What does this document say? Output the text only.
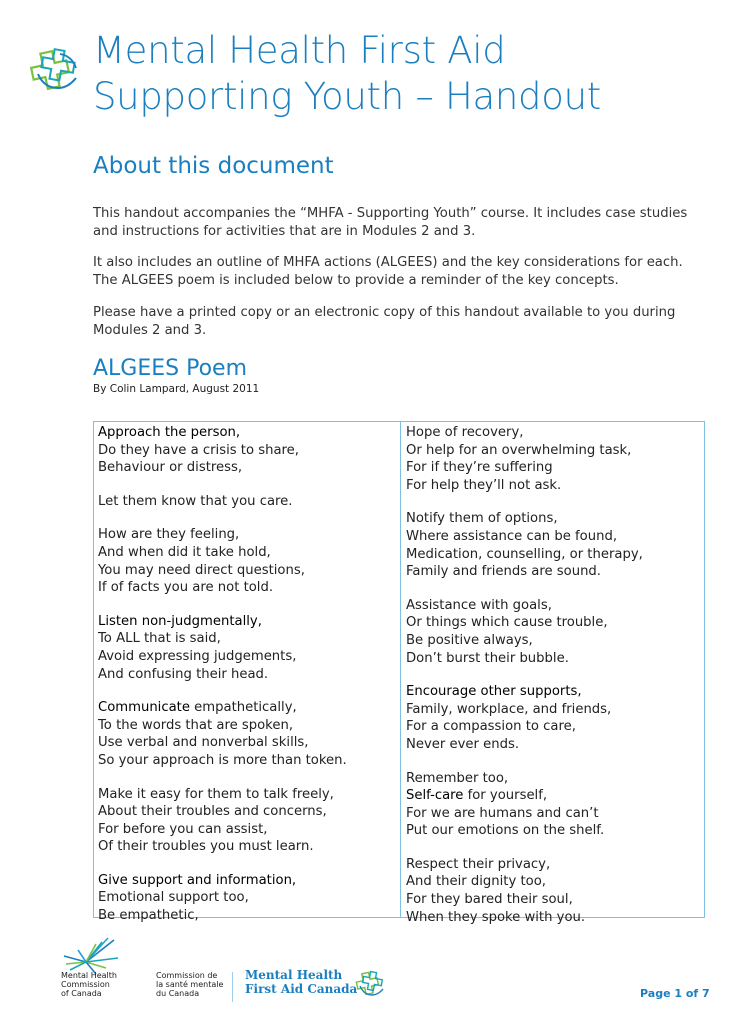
Mental Health First Aid
Supporting Youth – Handout
About this document

This handout accompanies the “MHFA - Supporting Youth” course. It includes case studies and instructions for activities that are in Modules 2 and 3.

It also includes an outline of MHFA actions (ALGEES) and the key considerations for each. The ALGEES poem is included below to provide a reminder of the key concepts.

Please have a printed copy or an electronic copy of this handout available to you during Modules 2 and 3.

ALGEES Poem

By Colin Lampard, August 2011

Approach the person,
Do they have a crisis to share,
Behaviour or distress,
Let them know that you care.
How are they feeling,
And when did it take hold,
You may need direct questions,
If of facts you are not told.
Listen non-judgmentally,
To ALL that is said,
Avoid expressing judgements,
And confusing their head.
Communicate empathetically,
To the words that are spoken,
Use verbal and nonverbal skills,
So your approach is more than token.
Make it easy for them to talk freely,
About their troubles and concerns,
For before you can assist,
Of their troubles you must learn.
Give support and information,
Emotional support too,
Be empathetic,
Hope of recovery,
Or help for an overwhelming task,
For if they’re suffering
For help they’ll not ask.
Notify them of options,
Where assistance can be found,
Medication, counselling, or therapy,
Family and friends are sound.
Assistance with goals,
Or things which cause trouble,
Be positive always,
Don’t burst their bubble.
Encourage other supports,
Family, workplace, and friends,
For a compassion to care,
Never ever ends.
Remember too,
Self-care for yourself,
For we are humans and can’t
Put our emotions on the shelf.
Respect their privacy,
And their dignity too,
For they bared their soul,
When they spoke with you.
Mental Health
Commission
of Canada
Commission de
la santé mentale
du Canada
Mental Health
First Aid Canada	Page 1 of 7
